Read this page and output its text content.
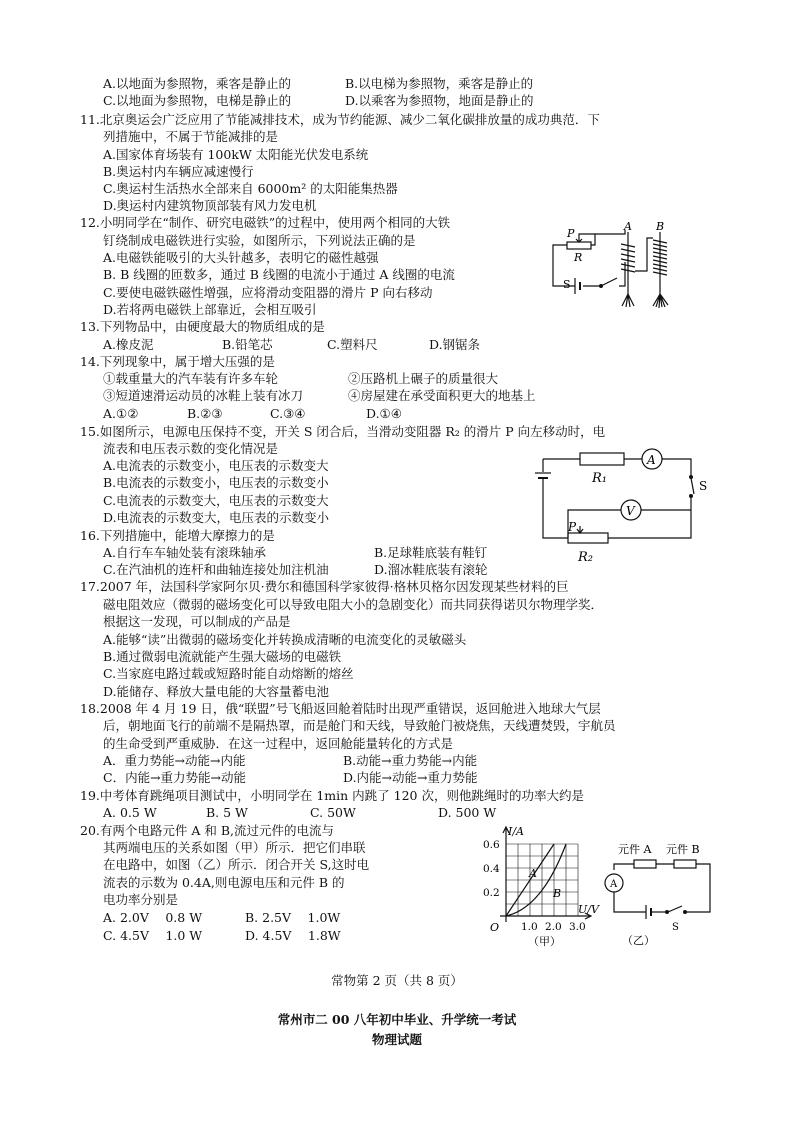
A.以地面为参照物，乘客是静止的	B.以电梯为参照物，乘客是静止的
C.以地面为参照物，电梯是静止的	D.以乘客为参照物，地面是静止的
11.北京奥运会广泛应用了节能减排技术，成为节约能源、减少二氧化碳排放量的成功典范．下
列措施中，不属于节能减排的是
A.国家体育场装有 100kW 太阳能光伏发电系统
B.奥运村内车辆应减速慢行
C.奥运村生活热水全部来自 6000m² 的太阳能集热器
D.奥运村内建筑物顶部装有风力发电机
12.小明同学在“制作、研究电磁铁”的过程中，使用两个相同的大铁
钉绕制成电磁铁进行实验，如图所示，下列说法正确的是
A.电磁铁能吸引的大头针越多，表明它的磁性越强
B. B 线圈的匝数多，通过 B 线圈的电流小于通过 A 线圈的电流
C.要使电磁铁磁性增强，应将滑动变阻器的滑片 P 向右移动
D.若将两电磁铁上部靠近，会相互吸引
P
R
A B
S
13.下列物品中，由硬度最大的物质组成的是
A.橡皮泥	B.铅笔芯	C.塑料尺	D.钢锯条
14.下列现象中，属于增大压强的是
①载重量大的汽车装有许多车轮	②压路机上碾子的质量很大
③短道速滑运动员的冰鞋上装有冰刀	④房屋建在承受面积更大的地基上
A.①②	B.②③	C.③④	D.①④
15.如图所示，电源电压保持不变，开关 S 闭合后，当滑动变阻器 R₂ 的滑片 P 向左移动时，电
流表和电压表示数的变化情况是
A.电流表的示数变小，电压表的示数变大
B.电流表的示数变小，电压表的示数变小
C.电流表的示数变大，电压表的示数变大
D.电流表的示数变大，电压表的示数变小
A
R₁	S
V
P
R₂
16.下列措施中，能增大摩擦力的是
A.自行车车轴处装有滚珠轴承	B.足球鞋底装有鞋钉
C.在汽油机的连杆和曲轴连接处加注机油	D.溜冰鞋底装有滚轮
17.2007 年，法国科学家阿尔贝·费尔和德国科学家彼得·格林贝格尔因发现某些材料的巨
磁电阻效应（微弱的磁场变化可以导致电阻大小的急剧变化）而共同获得诺贝尔物理学奖．
根据这一发现，可以制成的产品是
A.能够“读”出微弱的磁场变化并转换成清晰的电流变化的灵敏磁头
B.通过微弱电流就能产生强大磁场的电磁铁
C.当家庭电路过载或短路时能自动熔断的熔丝
D.能储存、释放大量电能的大容量蓄电池
18.2008 年 4 月 19 日，俄“联盟”号飞船返回舱着陆时出现严重错误，返回舱进入地球大气层
后，朝地面飞行的前端不是隔热罩，而是舱门和天线，导致舱门被烧焦，天线遭焚毁，宇航员
的生命受到严重威胁．在这一过程中，返回舱能量转化的方式是
A．重力势能→动能→内能	B.动能→重力势能→内能
C．内能→重力势能→动能	D.内能→动能→重力势能
19.中考体育跳绳项目测试中，小明同学在 1min 内跳了 120 次，则他跳绳时的功率大约是
A. 0.5 W	B. 5 W	C. 50W	D. 500 W
20.有两个电路元件 A 和 B,流过元件的电流与
其两端电压的关系如图（甲）所示．把它们串联
在电路中，如图（乙）所示．闭合开关 S,这时电
流表的示数为 0.4A,则电源电压和元件 B 的
电功率分别是
A. 2.0V　 0.8 W	B. 2.5V　 1.0W
C. 4.5V　 1.0 W	D. 4.5V　 1.8W
I/A
U/V
O
0.6
0.4
0.2
1.0 2.0 3.0
A
B
（甲）
元件 A 元件 B
A
S
（乙）
常物第 2 页（共 8 页）
常州市二 00 八年初中毕业、升学统一考试
物理试题
